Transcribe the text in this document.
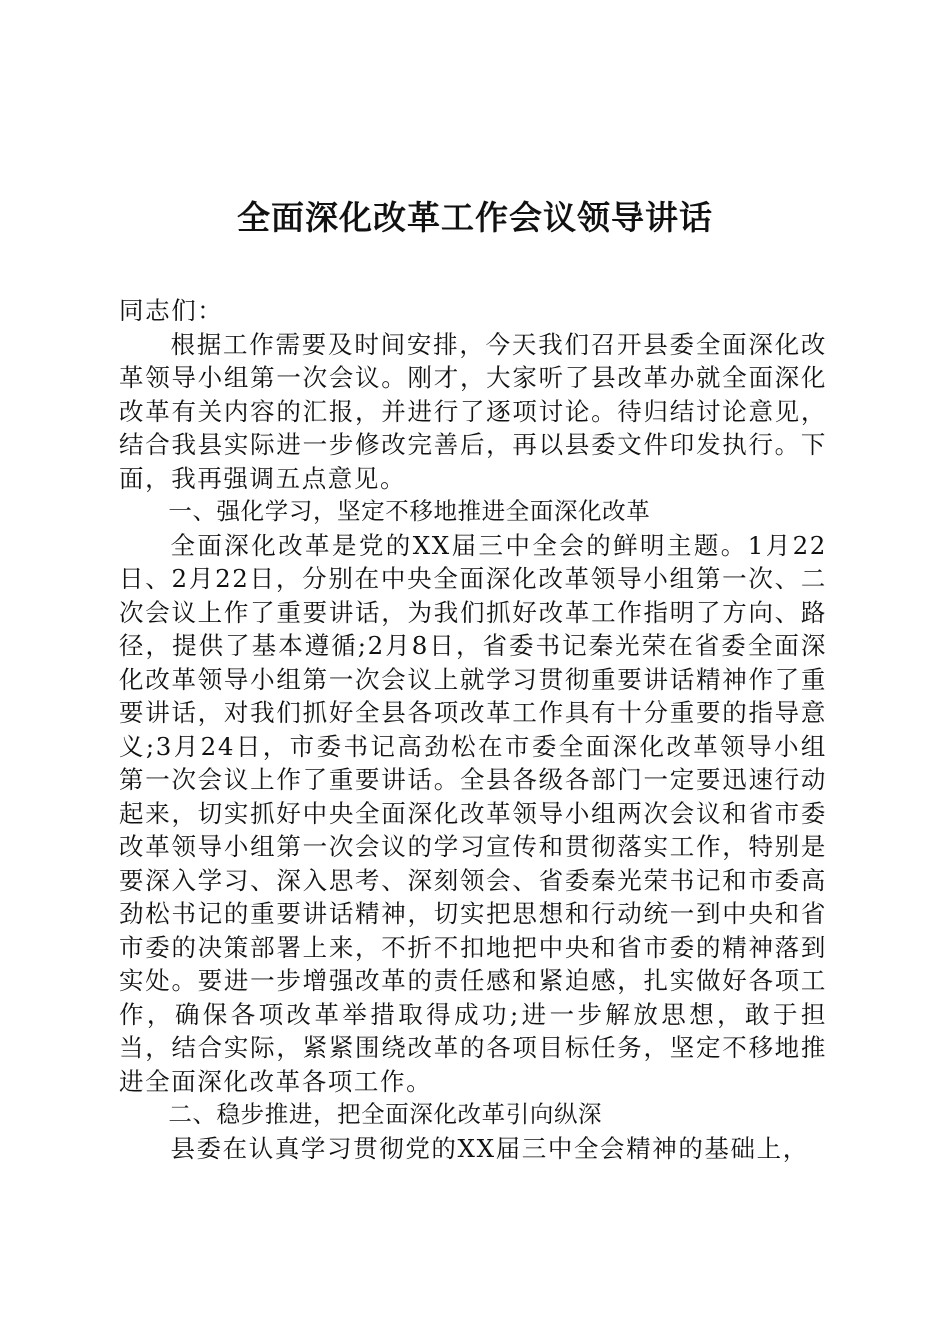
全面深化改革工作会议领导讲话

同志们：

根据工作需要及时间安排，今天我们召开县委全面深化改革领导小组第一次会议。刚才，大家听了县改革办就全面深化改革有关内容的汇报，并进行了逐项讨论。待归结讨论意见，结合我县实际进一步修改完善后，再以县委文件印发执行。下面，我再强调五点意见。

一、强化学习，坚定不移地推进全面深化改革

全面深化改革是党的XX届三中全会的鲜明主题。1月22日、2月22日，分别在中央全面深化改革领导小组第一次、二次会议上作了重要讲话，为我们抓好改革工作指明了方向、路径，提供了基本遵循;2月8日，省委书记秦光荣在省委全面深化改革领导小组第一次会议上就学习贯彻重要讲话精神作了重要讲话，对我们抓好全县各项改革工作具有十分重要的指导意义;3月24日，市委书记高劲松在市委全面深化改革领导小组第一次会议上作了重要讲话。全县各级各部门一定要迅速行动起来，切实抓好中央全面深化改革领导小组两次会议和省市委改革领导小组第一次会议的学习宣传和贯彻落实工作，特别是要深入学习、深入思考、深刻领会、省委秦光荣书记和市委高劲松书记的重要讲话精神，切实把思想和行动统一到中央和省市委的决策部署上来，不折不扣地把中央和省市委的精神落到实处。要进一步增强改革的责任感和紧迫感，扎实做好各项工作，确保各项改革举措取得成功;进一步解放思想，敢于担当，结合实际，紧紧围绕改革的各项目标任务，坚定不移地推进全面深化改革各项工作。

二、稳步推进，把全面深化改革引向纵深

县委在认真学习贯彻党的XX届三中全会精神的基础上，
